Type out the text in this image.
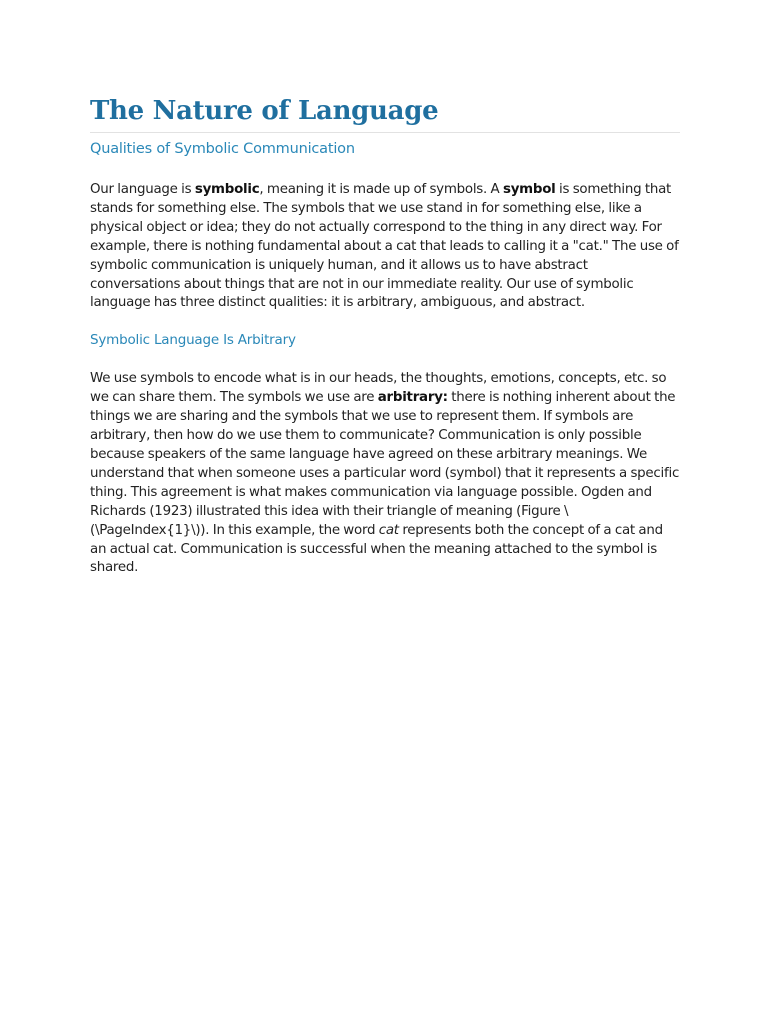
The Nature of Language
Qualities of Symbolic Communication

Our language is symbolic, meaning it is made up of symbols. A symbol is something that stands for something else. The symbols that we use stand in for something else, like a physical object or idea; they do not actually correspond to the thing in any direct way. For example, there is nothing fundamental about a cat that leads to calling it a "cat." The use of symbolic communication is uniquely human, and it allows us to have abstract conversations about things that are not in our immediate reality. Our use of symbolic language has three distinct qualities: it is arbitrary, ambiguous, and abstract.

Symbolic Language Is Arbitrary

We use symbols to encode what is in our heads, the thoughts, emotions, concepts, etc. so we can share them. The symbols we use are arbitrary: there is nothing inherent about the things we are sharing and the symbols that we use to represent them. If symbols are arbitrary, then how do we use them to communicate? Communication is only possible because speakers of the same language have agreed on these arbitrary meanings. We understand that when someone uses a particular word (symbol) that it represents a specific thing. This agreement is what makes communication via language possible. Ogden and Richards (1923) illustrated this idea with their triangle of meaning (Figure \(\PageIndex{1}\)). In this example, the word cat represents both the concept of a cat and an actual cat. Communication is successful when the meaning attached to the symbol is shared.
